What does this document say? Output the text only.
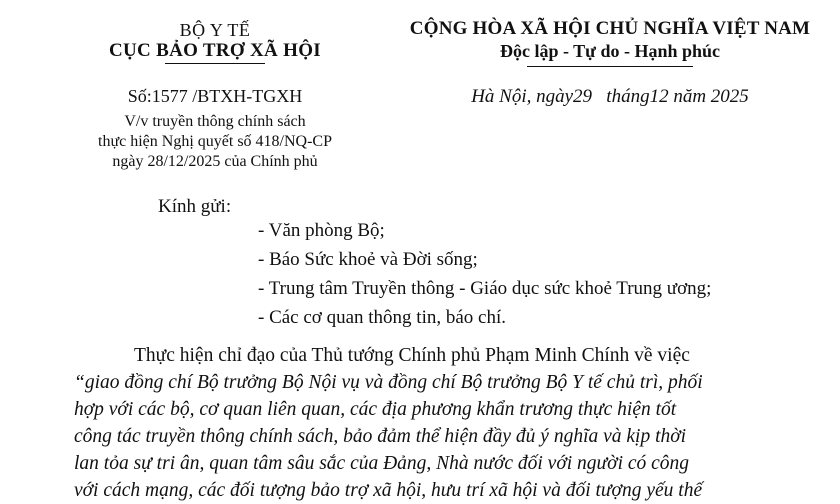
BỘ Y TẾ
CỤC BẢO TRỢ XÃ HỘI
Số:1577 /BTXH-TGXH
V/v truyền thông chính sách
thực hiện Nghị quyết số 418/NQ-CP
ngày 28/12/2025 của Chính phủ
CỘNG HÒA XÃ HỘI CHỦ NGHĨA VIỆT NAM
Độc lập - Tự do - Hạnh phúc
Hà Nội, ngày29   tháng12 năm 2025
Kính gửi:
- Văn phòng Bộ;
- Báo Sức khoẻ và Đời sống;
- Trung tâm Truyền thông - Giáo dục sức khoẻ Trung ương;
- Các cơ quan thông tin, báo chí.
Thực hiện chỉ đạo của Thủ tướng Chính phủ Phạm Minh Chính về việc
“giao đồng chí Bộ trưởng Bộ Nội vụ và đồng chí Bộ trưởng Bộ Y tế chủ trì, phối
hợp với các bộ, cơ quan liên quan, các địa phương khẩn trương thực hiện tốt
công tác truyền thông chính sách, bảo đảm thể hiện đầy đủ ý nghĩa và kịp thời
lan tỏa sự tri ân, quan tâm sâu sắc của Đảng, Nhà nước đối với người có công
với cách mạng, các đối tượng bảo trợ xã hội, hưu trí xã hội và đối tượng yếu thế
